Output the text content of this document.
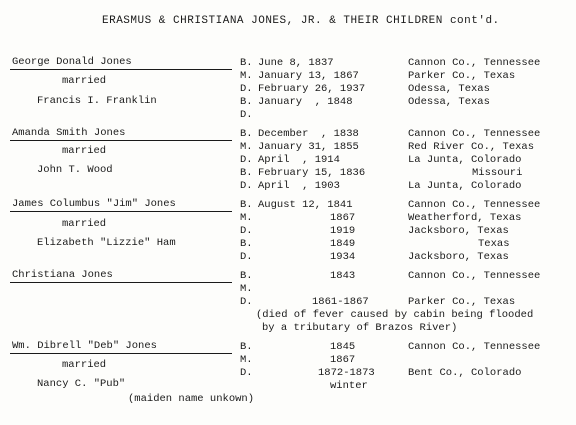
ERASMUS & CHRISTIANA JONES, JR. & THEIR CHILDREN cont'd.
George Donald Jones
married
Francis I. Franklin
B. June 8, 1837	Cannon Co., Tennessee
M. January 13, 1867	Parker Co., Texas
D. February 26, 1937	Odessa, Texas
B. January  , 1848	Odessa, Texas
D.
Amanda Smith Jones
married
John T. Wood
B. December  , 1838	Cannon Co., Tennessee
M. January 31, 1855	Red River Co., Texas
D. April  , 1914	La Junta, Colorado
B. February 15, 1836	Missouri
D. April  , 1903	La Junta, Colorado
James Columbus "Jim" Jones
married
Elizabeth "Lizzie" Ham
B. August 12, 1841	Cannon Co., Tennessee
M.	1867	Weatherford, Texas
D.	1919	Jacksboro, Texas
B.	1849	Texas
D.	1934	Jacksboro, Texas
Christiana Jones	B.	1843	Cannon Co., Tennessee
M.
D.	1861-1867	Parker Co., Texas
(died of fever caused by cabin being flooded
by a tributary of Brazos River)
Wm. Dibrell "Deb" Jones
married
Nancy C. "Pub"
(maiden name unkown)
B.	1845	Cannon Co., Tennessee
M.	1867
D.	1872-1873	Bent Co., Colorado
winter
